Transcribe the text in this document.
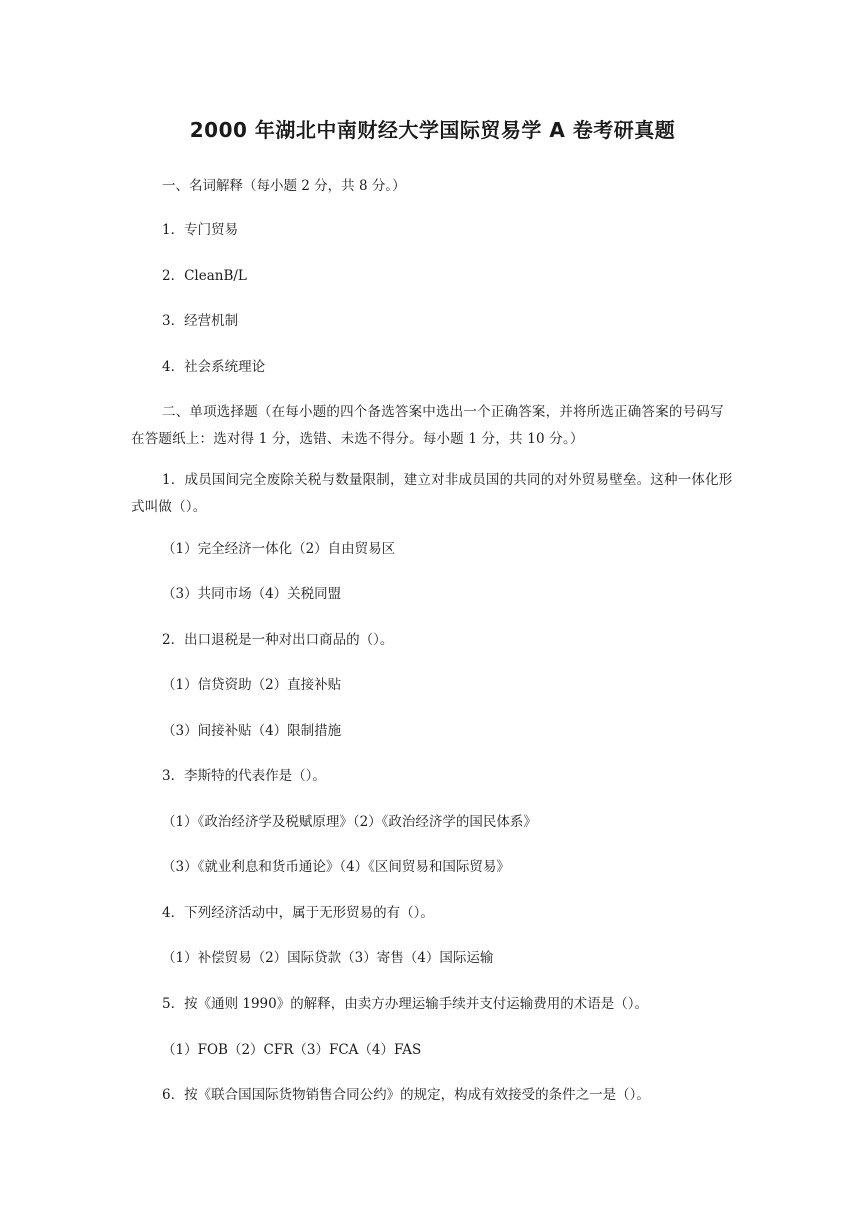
2000 年湖北中南财经大学国际贸易学 A 卷考研真题

一、名词解释（每小题 2 分，共 8 分。）

1．专门贸易

2．CleanB/L

3．经营机制

4．社会系统理论

二、单项选择题（在每小题的四个备选答案中选出一个正确答案，并将所选正确答案的号码写在答题纸上：选对得 1 分，选错、未选不得分。每小题 1 分，共 10 分。）

1．成员国间完全废除关税与数量限制，建立对非成员国的共同的对外贸易壁垒。这种一体化形式叫做（）。

（1）完全经济一体化（2）自由贸易区

（3）共同市场（4）关税同盟

2．出口退税是一种对出口商品的（）。

（1）信贷资助（2）直接补贴

（3）间接补贴（4）限制措施

3．李斯特的代表作是（）。

（1）《政治经济学及税赋原理》（2）《政治经济学的国民体系》

（3）《就业利息和货币通论》（4）《区间贸易和国际贸易》

4．下列经济活动中，属于无形贸易的有（）。

（1）补偿贸易（2）国际贷款（3）寄售（4）国际运输

5．按《通则 1990》的解释，由卖方办理运输手续并支付运输费用的术语是（）。

（1）FOB（2）CFR（3）FCA（4）FAS

6．按《联合国国际货物销售合同公约》的规定，构成有效接受的条件之一是（）。
